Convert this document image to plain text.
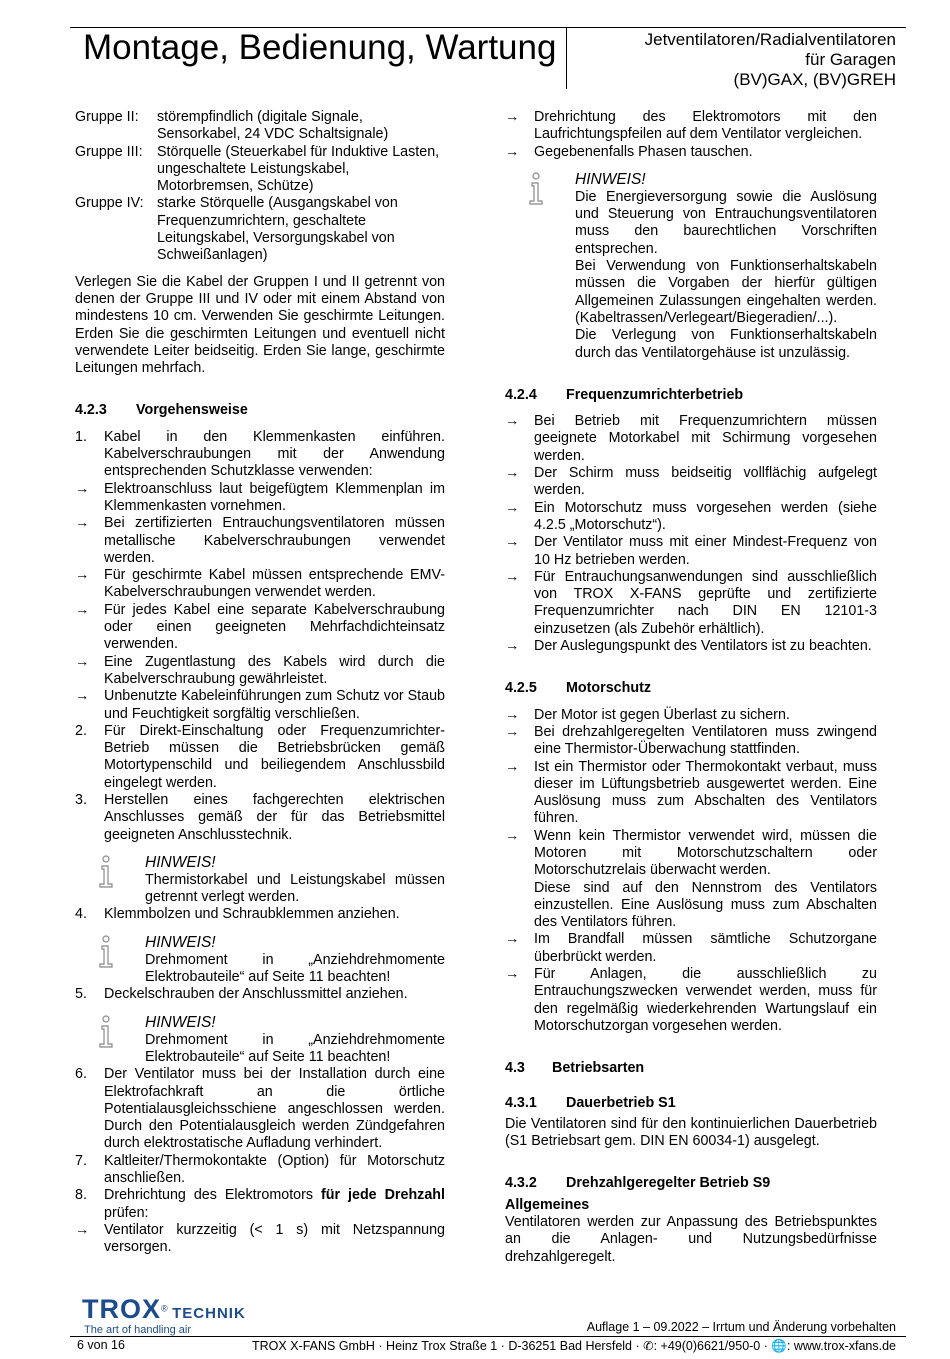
Montage, Bedienung, Wartung	Jetventilatoren/Radialventilatoren
für Garagen
(BV)GAX, (BV)GREH
Gruppe II:	störempfindlich (digitale Signale, Sensorkabel, 24 VDC Schaltsignale)
Gruppe III:	Störquelle (Steuerkabel für Induktive Lasten, ungeschaltete Leistungskabel, Motorbremsen, Schütze)
Gruppe IV: starke Störquelle (Ausgangskabel von Frequenzumrichtern, geschaltete Leitungskabel, Versorgungskabel von Schweißanlagen)

Verlegen Sie die Kabel der Gruppen I und II getrennt von denen der Gruppe III und IV oder mit einem Abstand von mindestens 10 cm. Verwenden Sie geschirmte Leitungen. Erden Sie die geschirmten Leitungen und eventuell nicht verwendete Leiter beidseitig. Erden Sie lange, geschirmte Leitungen mehrfach.

4.2.3	Vorgehensweise
1.	Kabel in den Klemmenkasten einführen. Kabelverschraubungen mit der Anwendung entsprechenden Schutzklasse verwenden:
→	Elektroanschluss laut beigefügtem Klemmenplan im Klemmenkasten vornehmen.
→	Bei zertifizierten Entrauchungsventilatoren müssen metallische Kabelverschraubungen verwendet werden.
→	Für geschirmte Kabel müssen entsprechende EMV-Kabelverschraubungen verwendet werden.
→	Für jedes Kabel eine separate Kabelverschraubung oder einen geeigneten Mehrfachdichteinsatz verwenden.
→	Eine Zugentlastung des Kabels wird durch die Kabelverschraubung gewährleistet.
→	Unbenutzte Kabeleinführungen zum Schutz vor Staub und Feuchtigkeit sorgfältig verschließen.
2.	Für Direkt-Einschaltung oder Frequenzumrichter-Betrieb müssen die Betriebsbrücken gemäß Motortypenschild und beiliegendem Anschlussbild eingelegt werden.
3.	Herstellen eines fachgerechten elektrischen Anschlusses gemäß der für das Betriebsmittel geeigneten Anschlusstechnik.
HINWEIS!

Thermistorkabel und Leistungskabel müssen getrennt verlegt werden.

4.	Klemmbolzen und Schraubklemmen anziehen.
HINWEIS!

Drehmoment in „Anziehdrehmomente Elektrobauteile“ auf Seite 11 beachten!

5.	Deckelschrauben der Anschlussmittel anziehen.
HINWEIS!

Drehmoment in „Anziehdrehmomente Elektrobauteile“ auf Seite 11 beachten!

6.	Der Ventilator muss bei der Installation durch eine Elektrofachkraft an die örtliche Potentialausgleichsschiene angeschlossen werden. Durch den Potentialausgleich werden Zündgefahren durch elektrostatische Aufladung verhindert.
7.	Kaltleiter/Thermokontakte (Option) für Motorschutz anschließen.
8.	Drehrichtung des Elektromotors für jede Drehzahl prüfen:
→	Ventilator kurzzeitig (< 1 s) mit Netzspannung versorgen.
→	Drehrichtung des Elektromotors mit den Laufrichtungspfeilen auf dem Ventilator vergleichen.
→	Gegebenenfalls Phasen tauschen.
HINWEIS!

Die Energieversorgung sowie die Auslösung und Steuerung von Entrauchungsventilatoren muss den baurechtlichen Vorschriften entsprechen.

Bei Verwendung von Funktionserhaltskabeln müssen die Vorgaben der hierfür gültigen Allgemeinen Zulassungen eingehalten werden. (Kabeltrassen/Verlegeart/Biegeradien/...).

Die Verlegung von Funktionserhaltskabeln durch das Ventilatorgehäuse ist unzulässig.

4.2.4	Frequenzumrichterbetrieb
→	Bei Betrieb mit Frequenzumrichtern müssen geeignete Motorkabel mit Schirmung vorgesehen werden.
→	Der Schirm muss beidseitig vollflächig aufgelegt werden.
→	Ein Motorschutz muss vorgesehen werden (siehe 4.2.5 „Motorschutz“).
→	Der Ventilator muss mit einer Mindest-Frequenz von 10 Hz betrieben werden.
→	Für Entrauchungsanwendungen sind ausschließlich von TROX X-FANS geprüfte und zertifizierte Frequenzumrichter nach DIN EN 12101-3 einzusetzen (als Zubehör erhältlich).
→	Der Auslegungspunkt des Ventilators ist zu beachten.
4.2.5	Motorschutz
→	Der Motor ist gegen Überlast zu sichern.
→	Bei drehzahlgeregelten Ventilatoren muss zwingend eine Thermistor-Überwachung stattfinden.
→	Ist ein Thermistor oder Thermokontakt verbaut, muss dieser im Lüftungsbetrieb ausgewertet werden. Eine Auslösung muss zum Abschalten des Ventilators führen.
→	Wenn kein Thermistor verwendet wird, müssen die Motoren mit Motorschutzschaltern oder Motorschutzrelais überwacht werden.

Diese sind auf den Nennstrom des Ventilators einzustellen. Eine Auslösung muss zum Abschalten des Ventilators führen.

→	Im Brandfall müssen sämtliche Schutzorgane überbrückt werden.
→	Für Anlagen, die ausschließlich zu Entrauchungszwecken verwendet werden, muss für den regelmäßig wiederkehrenden Wartungslauf ein Motorschutzorgan vorgesehen werden.
4.3	Betriebsarten
4.3.1	Dauerbetrieb S1

Die Ventilatoren sind für den kontinuierlichen Dauerbetrieb (S1 Betriebsart gem. DIN EN 60034-1) ausgelegt.

4.3.2	Drehzahlgeregelter Betrieb S9
Allgemeines

Ventilatoren werden zur Anpassung des Betriebspunktes an die Anlagen- und Nutzungsbedürfnisse drehzahlgeregelt.

TROX® TECHNIK
The art of handling air	Auflage 1 – 09.2022 – Irrtum und Änderung vorbehalten
6 von 16	TROX X-FANS GmbH · Heinz Trox Straße 1 · D-36251 Bad Hersfeld · ✆: +49(0)6621/950-0 · 🌐: www.trox-xfans.de
